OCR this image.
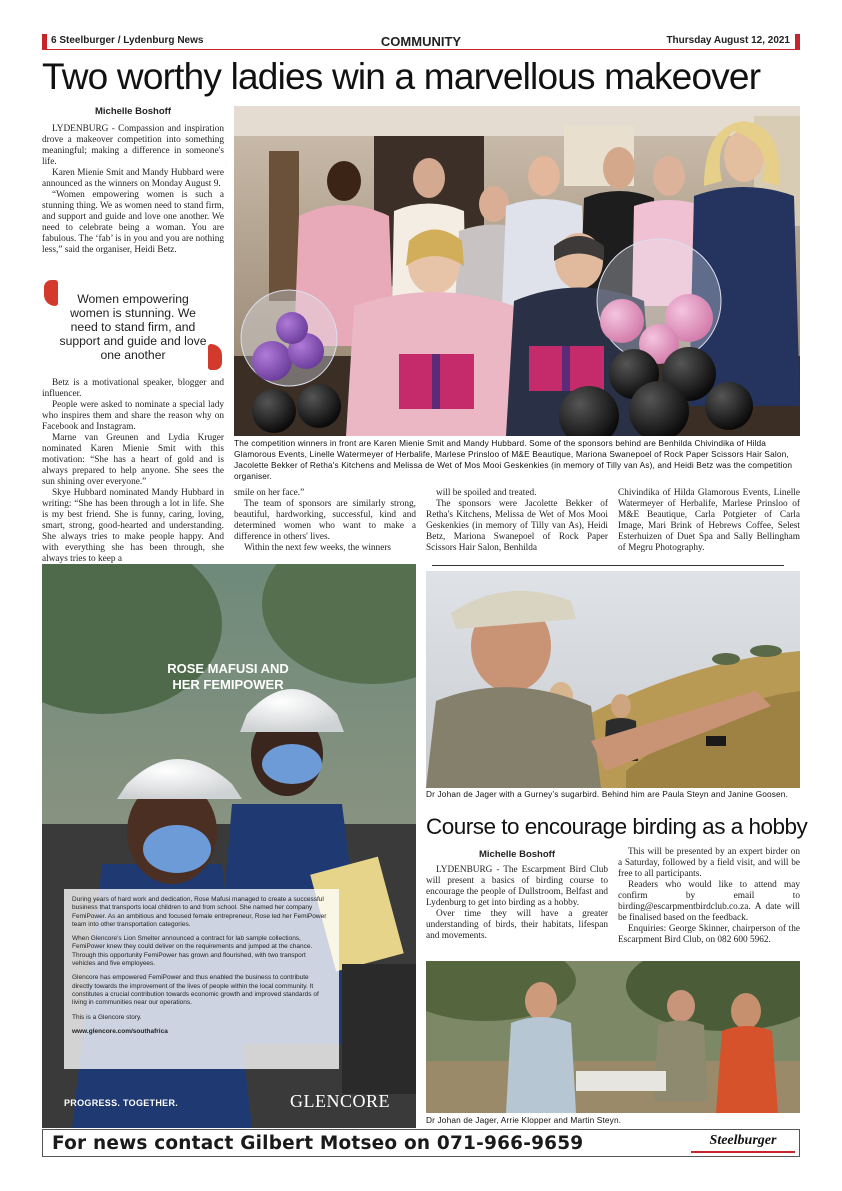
6 Steelburger / Lydenburg News	COMMUNITY	Thursday August 12, 2021
Two worthy ladies win a marvellous makeover
Michelle Boshoff

LYDENBURG - Compassion and inspiration drove a makeover competition into something meaningful; making a difference in someone's life.

Karen Mienie Smit and Mandy Hubbard were announced as the winners on Monday August 9.

“Women empowering women is such a stunning thing. We as women need to stand firm, and support and guide and love one another. We need to celebrate being a woman. You are fabulous. The ‘fab’ is in you and you are nothing less,” said the organiser, Heidi Betz.

Women empowering women is stunning. We need to stand firm, and support and guide and love one another

Betz is a motivational speaker, blogger and influencer.

People were asked to nominate a special lady who inspires them and share the reason why on Facebook and Instagram.

Marne van Greunen and Lydia Kruger nominated Karen Mienie Smit with this motivation: “She has a heart of gold and is always prepared to help anyone. She sees the sun shining over everyone.”

Skye Hubbard nominated Mandy Hubbard in writing: “She has been through a lot in life. She is my best friend. She is funny, caring, loving, smart, strong, good-hearted and understanding. She always tries to make people happy. And with everything she has been through, she always tries to keep a

The competition winners in front are Karen Mienie Smit and Mandy Hubbard. Some of the sponsors behind are Benhilda Chivindika of Hilda Glamorous Events, Linelle Watermeyer of Herbalife, Marlese Prinsloo of M&E Beautique, Mariona Swanepoel of Rock Paper Scissors Hair Salon, Jacolette Bekker of Retha's Kitchens and Melissa de Wet of Mos Mooi Geskenkies (in memory of Tilly van As), and Heidi Betz was the competition organiser.

smile on her face.”

The team of sponsors are similarly strong, beautiful, hardworking, successful, kind and determined women who want to make a difference in others' lives.

Within the next few weeks, the winners

will be spoiled and treated.

The sponsors were Jacolette Bekker of Retha's Kitchens, Melissa de Wet of Mos Mooi Geskenkies (in memory of Tilly van As), Heidi Betz, Mariona Swanepoel of Rock Paper Scissors Hair Salon, Benhilda

Chivindika of Hilda Glamorous Events, Linelle Watermeyer of Herbalife, Marlese Prinsloo of M&E Beautique, Carla Potgieter of Carla Image, Mari Brink of Hebrews Coffee, Selest Esterhuizen of Duet Spa and Sally Bellingham of Megru Photography.

ROSE MAFUSI AND HER FEMIPOWER

During years of hard work and dedication, Rose Mafusi managed to create a successful business that transports local children to and from school. She named her company FemiPower. As an ambitious and focused female entrepreneur, Rose led her FemiPower team into other transportation categories.

When Glencore's Lion Smelter announced a contract for lab sample collections, FemiPower knew they could deliver on the requirements and jumped at the chance. Through this opportunity FemiPower has grown and flourished, with two transport vehicles and five employees.

Glencore has empowered FemiPower and thus enabled the business to contribute directly towards the improvement of the lives of people within the local community. It constitutes a crucial contribution towards economic growth and improved standards of living in communities near our operations.

This is a Glencore story.

www.glencore.com/southafrica

PROGRESS. TOGETHER.	GLENCORE
Dr Johan de Jager with a Gurney’s sugarbird. Behind him are Paula Steyn and Janine Goosen.
Course to encourage birding as a hobby
Michelle Boshoff

LYDENBURG - The Escarpment Bird Club will present a basics of birding course to encourage the people of Dullstroom, Belfast and Lydenburg to get into birding as a hobby.

Over time they will have a greater understanding of birds, their habitats, lifespan and movements.

This will be presented by an expert birder on a Saturday, followed by a field visit, and will be free to all participants.

Readers who would like to attend may confirm by email to birding@escarpmentbirdclub.co.za. A date will be finalised based on the feedback.

Enquiries: George Skinner, chairperson of the Escarpment Bird Club, on 082 600 5962.

Dr Johan de Jager, Arrie Klopper and Martin Steyn.
For news contact Gilbert Motseo on 071-966-9659	Steelburger
